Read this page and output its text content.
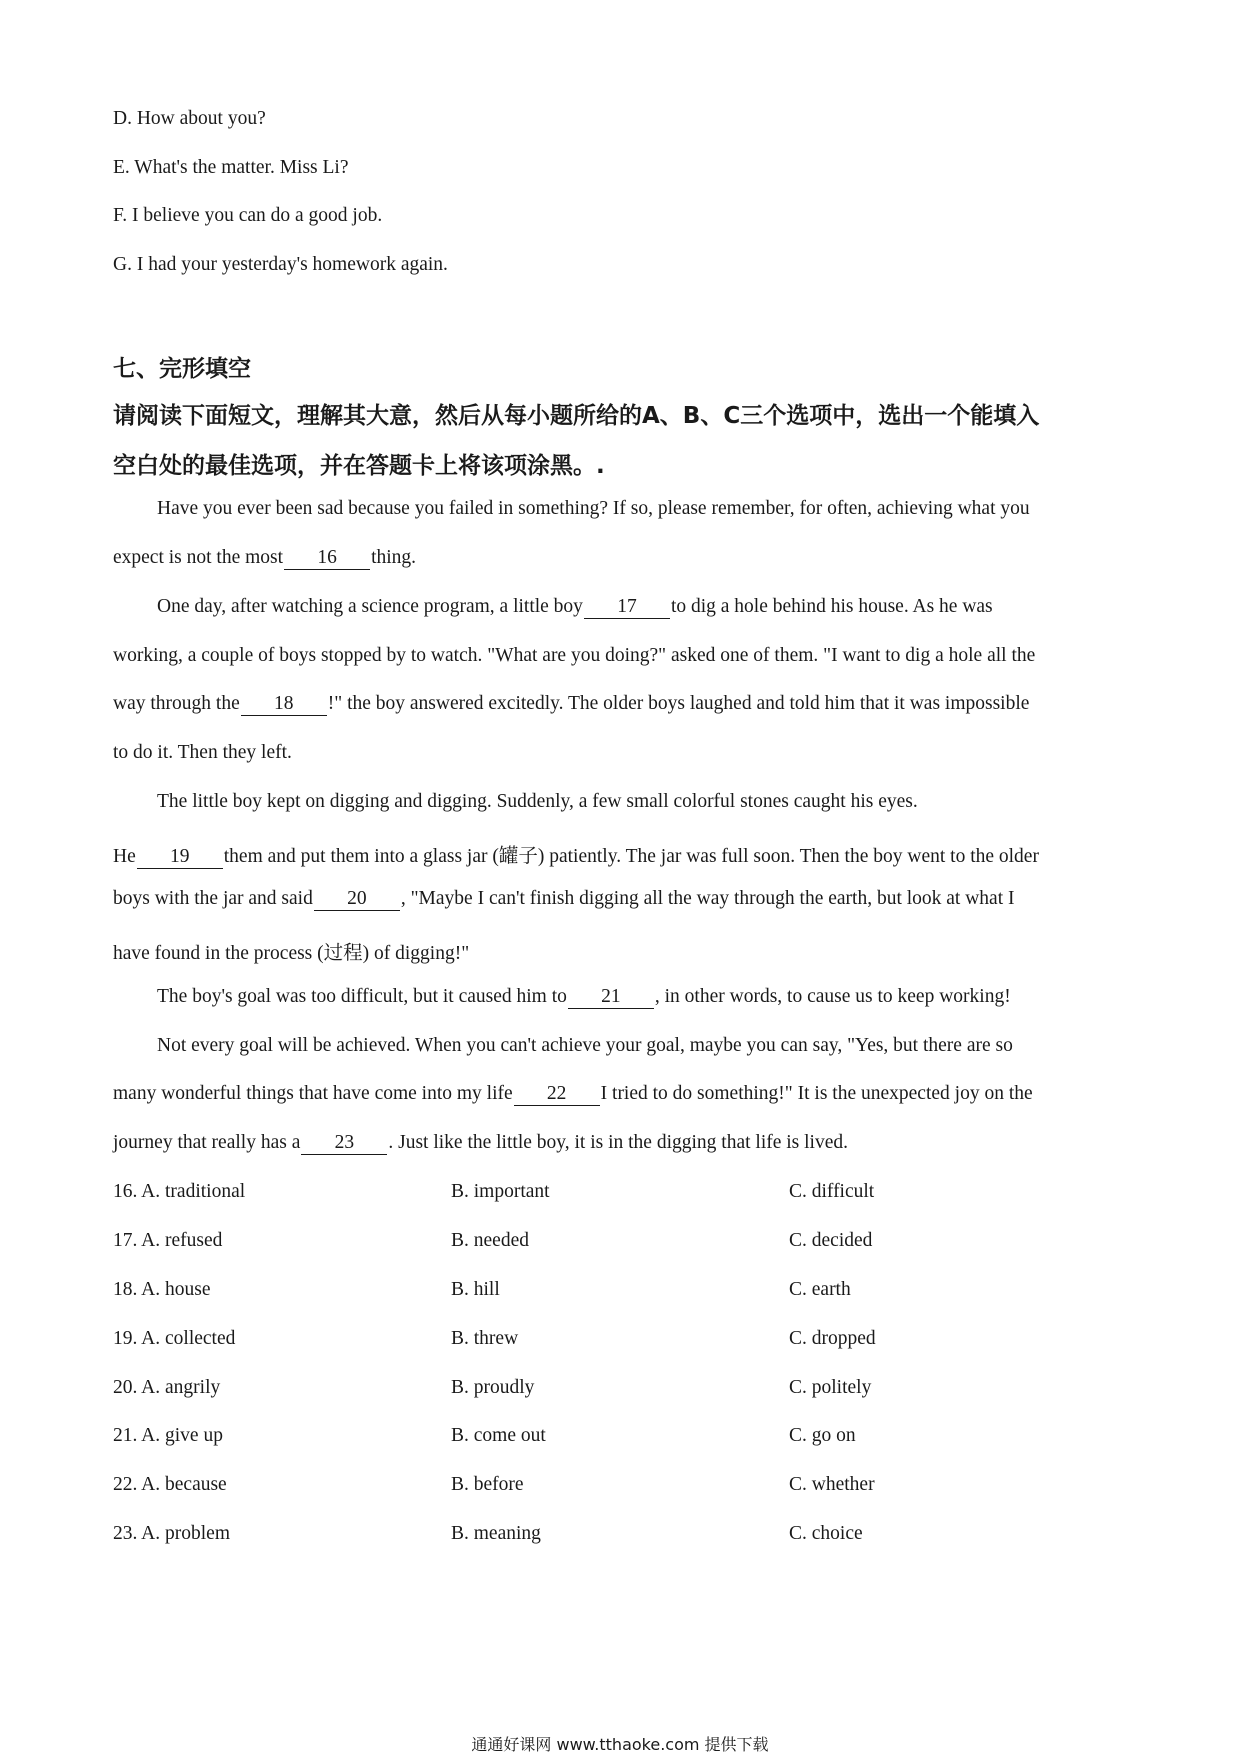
D. How about you?
E. What's the matter. Miss Li?
F. I believe you can do a good job.
G. I had your yesterday's homework again.
七、完形填空
请阅读下面短文，理解其大意，然后从每小题所给的A、B、C三个选项中，选出一个能填入
空白处的最佳选项，并在答题卡上将该项涂黑。.
Have you ever been sad because you failed in something? If so, please remember, for often, achieving what you
expect is not the most 16 thing.
One day, after watching a science program, a little boy 17 to dig a hole behind his house. As he was
working, a couple of boys stopped by to watch. "What are you doing?" asked one of them. "I want to dig a hole all the
way through the 18 !" the boy answered excitedly. The older boys laughed and told him that it was impossible
to do it. Then they left.
The little boy kept on digging and digging. Suddenly, a few small colorful stones caught his eyes.
He 19 them and put them into a glass jar (罐子) patiently. The jar was full soon. Then the boy went to the older
boys with the jar and said 20 , "Maybe I can't finish digging all the way through the earth, but look at what I
have found in the process (过程) of digging!"
The boy's goal was too difficult, but it caused him to 21 , in other words, to cause us to keep working!
Not every goal will be achieved. When you can't achieve your goal, maybe you can say, "Yes, but there are so
many wonderful things that have come into my life 22 I tried to do something!" It is the unexpected joy on the
journey that really has a 23 . Just like the little boy, it is in the digging that life is lived.
16. A. traditional	B. important	C. difficult
17. A. refused	B. needed	C. decided
18. A. house	B. hill	C. earth
19. A. collected	B. threw	C. dropped
20. A. angrily	B. proudly	C. politely
21. A. give up	B. come out	C. go on
22. A. because	B. before	C. whether
23. A. problem	B. meaning	C. choice
通通好课网 www.tthaoke.com 提供下载
